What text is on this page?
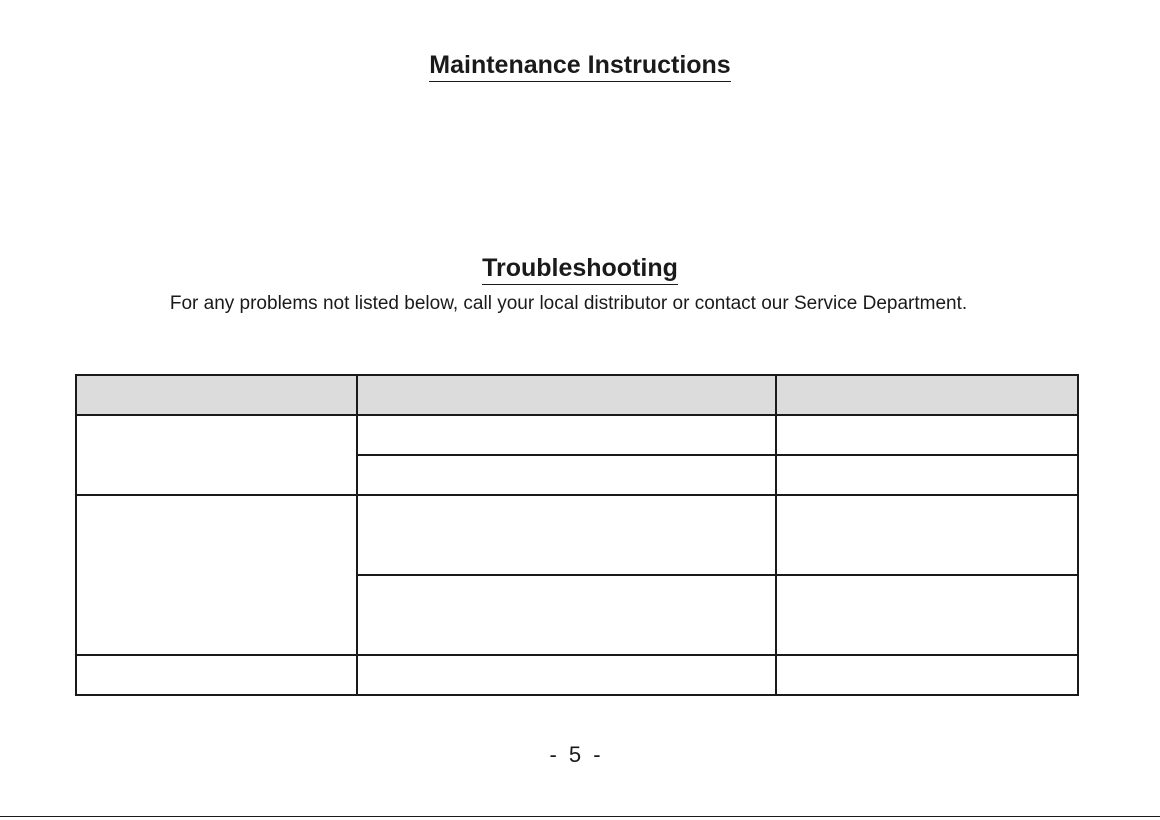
Maintenance Instructions
Troubleshooting

For any problems not listed below, call your local distributor or contact our Service Department.

- 5 -
